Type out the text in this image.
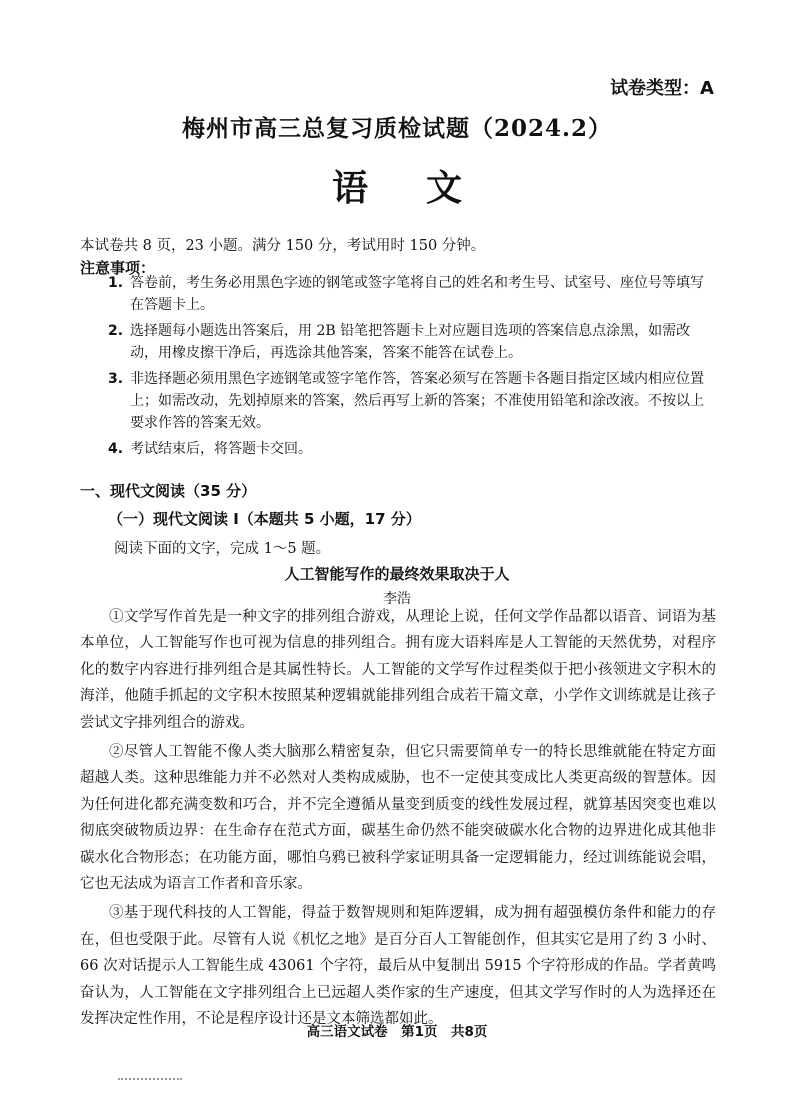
试卷类型：A
梅州市高三总复习质检试题（2024.2）
语文
本试卷共 8 页，23 小题。满分 150 分，考试用时 150 分钟。
注意事项：
1. 答卷前，考生务必用黑色字迹的钢笔或签字笔将自己的姓名和考生号、试室号、座位号等填写在答题卡上。
2. 选择题每小题选出答案后，用 2B 铅笔把答题卡上对应题目选项的答案信息点涂黑，如需改动，用橡皮擦干净后，再选涂其他答案，答案不能答在试卷上。
3. 非选择题必须用黑色字迹钢笔或签字笔作答，答案必须写在答题卡各题目指定区域内相应位置上；如需改动，先划掉原来的答案，然后再写上新的答案；不准使用铅笔和涂改液。不按以上要求作答的答案无效。
4. 考试结束后，将答题卡交回。
一、现代文阅读（35 分）
（一）现代文阅读 Ⅰ（本题共 5 小题，17 分）
阅读下面的文字，完成 1～5 题。
人工智能写作的最终效果取决于人
李浩

①文学写作首先是一种文字的排列组合游戏，从理论上说，任何文学作品都以语音、词语为基本单位，人工智能写作也可视为信息的排列组合。拥有庞大语料库是人工智能的天然优势，对程序化的数字内容进行排列组合是其属性特长。人工智能的文学写作过程类似于把小孩领进文字积木的海洋，他随手抓起的文字积木按照某种逻辑就能排列组合成若干篇文章，小学作文训练就是让孩子尝试文字排列组合的游戏。

②尽管人工智能不像人类大脑那么精密复杂，但它只需要简单专一的特长思维就能在特定方面超越人类。这种思维能力并不必然对人类构成威胁，也不一定使其变成比人类更高级的智慧体。因为任何进化都充满变数和巧合，并不完全遵循从量变到质变的线性发展过程，就算基因突变也难以彻底突破物质边界：在生命存在范式方面，碳基生命仍然不能突破碳水化合物的边界进化成其他非碳水化合物形态；在功能方面，哪怕乌鸦已被科学家证明具备一定逻辑能力，经过训练能说会唱，它也无法成为语言工作者和音乐家。

③基于现代科技的人工智能，得益于数智规则和矩阵逻辑，成为拥有超强模仿条件和能力的存在，但也受限于此。尽管有人说《机忆之地》是百分百人工智能创作，但其实它是用了约 3 小时、66 次对话提示人工智能生成 43061 个字符，最后从中复制出 5915 个字符形成的作品。学者黄鸣奋认为，人工智能在文字排列组合上已远超人类作家的生产速度，但其文学写作时的人为选择还在发挥决定性作用，不论是程序设计还是文本筛选都如此。

高三语文试卷　第1页　共8页
